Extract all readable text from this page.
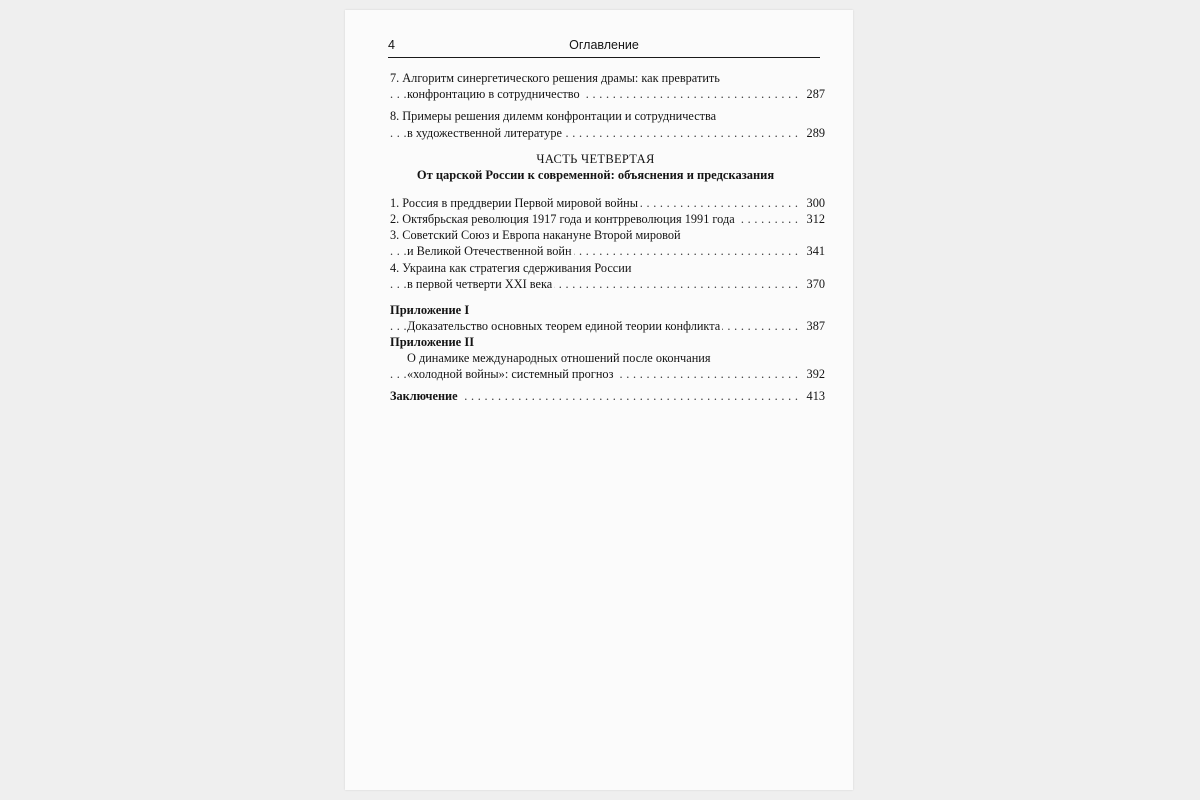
4	Оглавление
7. Алгоритм синергетического решения драмы: как превратить
конфронтацию в сотрудничество	287
. . .
8. Примеры решения дилемм конфронтации и сотрудничества
в художественной литературе	289
. . .
ЧАСТЬ ЧЕТВЕРТАЯ
От царской России к современной: объяснения и предсказания
1. Россия в преддверии Первой мировой войны	300
. . .
2. Октябрьская революция 1917 года и контрреволюция 1991 года	312
. . .
3. Советский Союз и Европа накануне Второй мировой
и Великой Отечественной войн	341
. . .
4. Украина как стратегия сдерживания России
в первой четверти XXI века	370
. . .
Приложение I
Доказательство основных теорем единой теории конфликта	387
. . .
Приложение II
О динамике международных отношений после окончания
«холодной войны»: системный прогноз	392
. . .
Заключение	413
. . .
